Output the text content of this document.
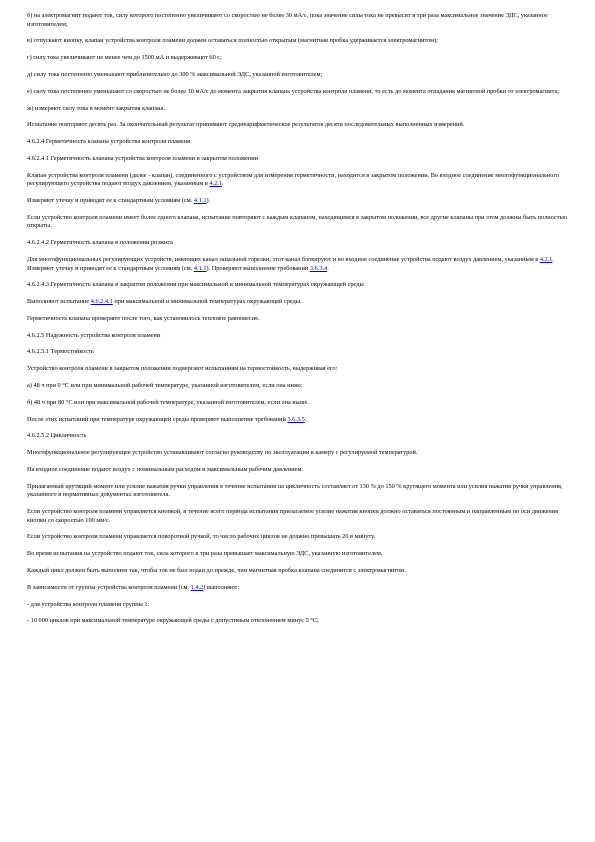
б) на электромагнит подают ток, силу которого постепенно увеличивают со скоростью не более 30 мА/с, пока значение силы тока не превысит в три раза максимальное значение ЭДС, указанное изготовителем;

в) отпускают кнопку, клапан устройства контроля пламени должен оставаться полностью открытым (магнитная пробка удерживается электромагнитом);

г) силу тока увеличивают не менее чем до 1500 мА и выдерживают 60 с;

д) силу тока постепенно уменьшают приблизительно до 300 % максимальной ЭДС, указанной изготовителем;

е) силу тока постепенно уменьшают со скоростью не более 10 мА/с до момента закрытия клапана устройства контроля пламени, то есть до момента отпадания магнитной пробки от электромагнита;

ж) измеряют силу тока в момент закрытия клапана.

Испытание повторяют десять раз. За окончательный результат принимают среднеарифметическое результатов десяти последовательных выполненных измерений.

4.6.2.4 Герметичность клапана устройства контроля пламени

4.6.2.4.1 Герметичность клапана устройства контроля пламени в закрытом положении

Клапан устройства контроля пламени (далее - клапан), соединенного с устройством для измерения герметичности, находится в закрытом положении. Во входное соединение многофункционального регулирующего устройства подают воздух давлением, указанным в 4.2.1.

Измеряют утечку и приводят ее к стандартным условиям (см. 4.1.1).

Если устройство контроля пламени имеет более одного клапана, испытание повторяют с каждым клапаном, находящимся в закрытом положении, все другие клапаны при этом должны быть полностью открыты.

4.6.2.4.2 Герметичность клапана в положении розжига

Для многофункциональных регулирующих устройств, имеющих канал запальной горелки, этот канал блокируют и во входное соединение устройства подают воздух давлением, указанным в 4.2.1. Измеряют утечку и приводят ее к стандартным условиям (см. 4.1.1). Проверяют выполнение требований 3.6.3.4.

4.6.2.4.3 Герметичность клапана в закрытом положении при максимальной и минимальной температурах окружающей среды

Выполняют испытание 4.6.2.4.1 при максимальной и минимальной температурах окружающей среды.

Герметичность клапана проверяют после того, как установилось тепловое равновесие.

4.6.2.5 Надежность устройства контроля пламени

4.6.2.5.1 Термостойкость

Устройство контроля пламени в закрытом положении подвергают испытаниям на термостойкость, выдерживая его:

а) 48 ч при 0 °С или при минимальной рабочей температуре, указанной изготовителем, если она ниже;

б) 48 ч при 80 °С или при максимальной рабочей температуре, указанной изготовителем, если она выше.

После этих испытаний при температуре окружающей среды проверяют выполнение требований 3.6.3.5.

4.6.2.5.2 Цикличность

Многофункциональное регулирующее устройство устанавливают согласно руководству по эксплуатации в камеру с регулируемой температурой.

На входное соединение подают воздух с номинальным расходом и максимальным рабочим давлением.

Прилагаемый крутящий момент или усилие нажатия ручки управления в течение испытания на цикличность составляет от 130 % до 150 % крутящего момента или усилия нажатия ручки управления, указанного в нормативных документах изготовителя.

Если устройство контроля пламени управляется кнопкой, в течение всего периода испытания прилагаемое усилие нажатия кнопки должно оставаться постоянным и направленным по оси движения кнопки со скоростью 100 мм/с.

Если устройство контроля пламени управляется поворотной ручкой, то число рабочих циклов не должно превышать 20 в минуту.

Во время испытания на устройство подают ток, сила которого в три раза превышает максимальную ЭДС, указанную изготовителем.

Каждый цикл должен быть выполнен так, чтобы ток не был подан до прежде, чем магнитная пробка клапана соединится с электромагнитом.

В зависимости от группы устройства контроля пламени (см. 1.4.2) выполняют:

- для устройства контроля пламени группы 1:

- 10 000 циклов при максимальной температуре окружающей среды с допустимым отклонением минус 5 °С;
